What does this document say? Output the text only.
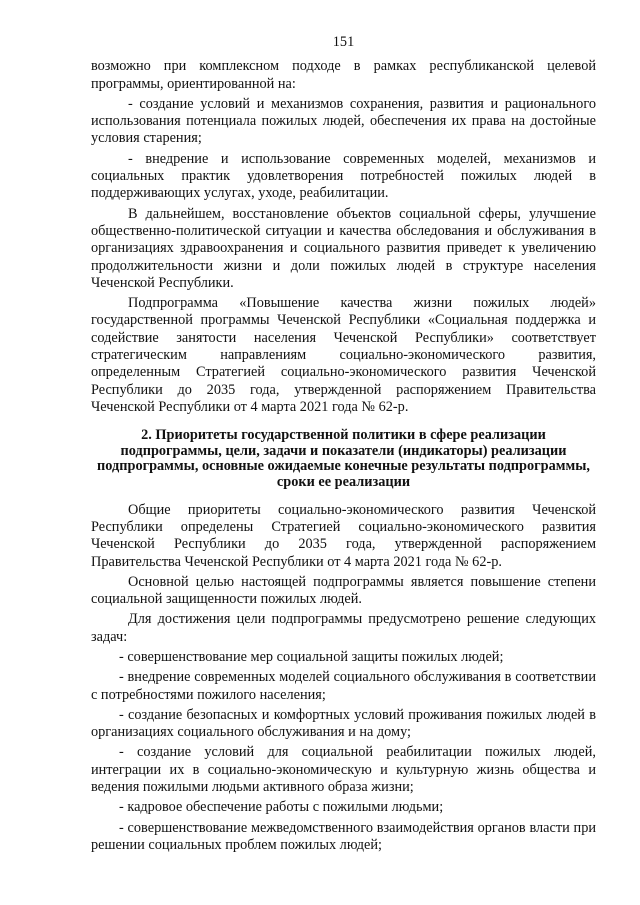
151

возможно при комплексном подходе в рамках республиканской целевой программы, ориентированной на:

- создание условий и механизмов сохранения, развития и рационального использования потенциала пожилых людей, обеспечения их права на достойные условия старения;

- внедрение и использование современных моделей, механизмов и социальных практик удовлетворения потребностей пожилых людей в поддерживающих услугах, уходе, реабилитации.

В дальнейшем, восстановление объектов социальной сферы, улучшение общественно-политической ситуации и качества обследования и обслуживания в организациях здравоохранения и социального развития приведет к увеличению продолжительности жизни и доли пожилых людей в структуре населения Чеченской Республики.

Подпрограмма «Повышение качества жизни пожилых людей» государственной программы Чеченской Республики «Социальная поддержка и содействие занятости населения Чеченской Республики» соответствует стратегическим направлениям социально-экономического развития, определенным Стратегией социально-экономического развития Чеченской Республики до 2035 года, утвержденной распоряжением Правительства Чеченской Республики от 4 марта 2021 года № 62-р.

2. Приоритеты государственной политики в сфере реализации подпрограммы, цели, задачи и показатели (индикаторы) реализации подпрограммы, основные ожидаемые конечные результаты подпрограммы, сроки ее реализации

Общие приоритеты социально-экономического развития Чеченской Республики определены Стратегией социально-экономического развития Чеченской Республики до 2035 года, утвержденной распоряжением Правительства Чеченской Республики от 4 марта 2021 года № 62-р.

Основной целью настоящей подпрограммы является повышение степени социальной защищенности пожилых людей.

Для достижения цели подпрограммы предусмотрено решение следующих задач:

- совершенствование мер социальной защиты пожилых людей;

- внедрение современных моделей социального обслуживания в соответствии с потребностями пожилого населения;

- создание безопасных и комфортных условий проживания пожилых людей в организациях социального обслуживания и на дому;

- создание условий для социальной реабилитации пожилых людей, интеграции их в социально-экономическую и культурную жизнь общества и ведения пожилыми людьми активного образа жизни;

- кадровое обеспечение работы с пожилыми людьми;

- совершенствование межведомственного взаимодействия органов власти при решении социальных проблем пожилых людей;
